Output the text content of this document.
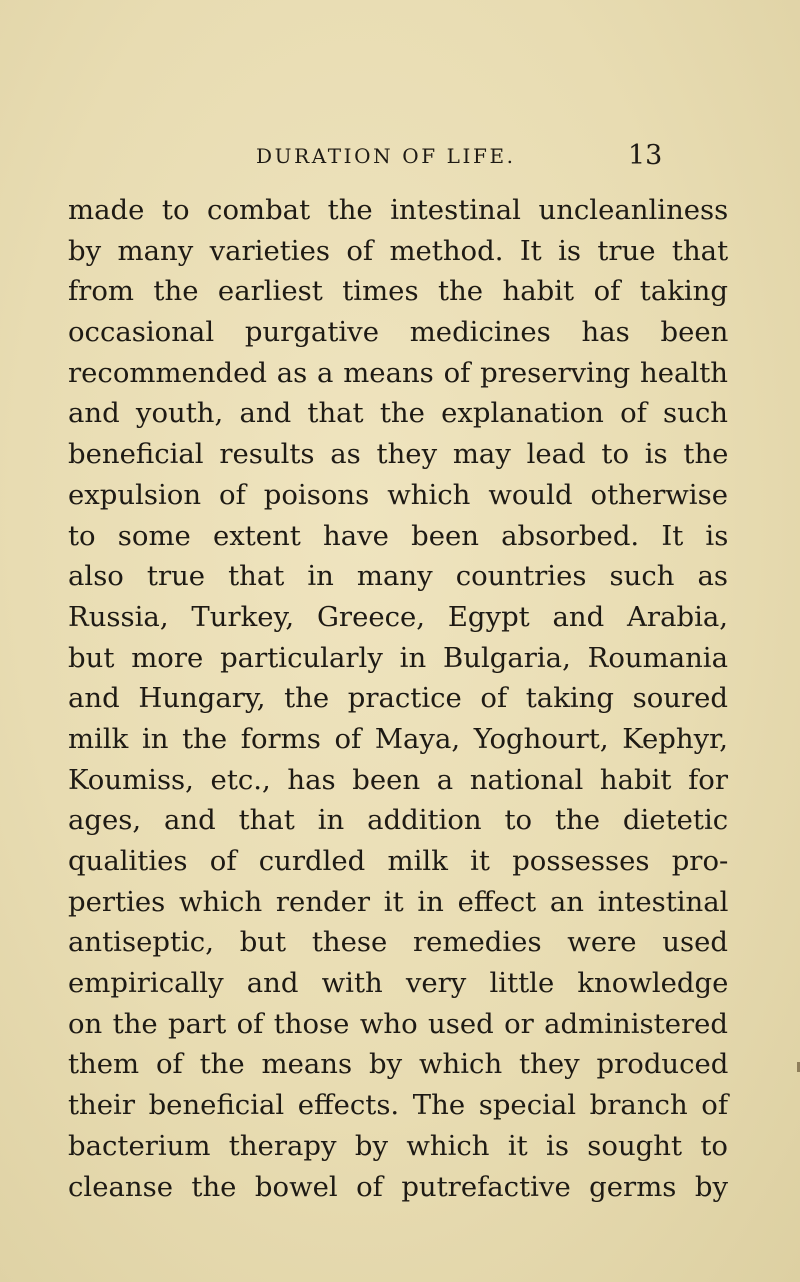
DURATION OF LIFE.	13
made to combat the intestinal uncleanliness
by many varieties of method. It is true that
from the earliest times the habit of taking
occasional purgative medicines has been
recommended as a means of preserving health
and youth, and that the explanation of such
beneficial results as they may lead to is the
expulsion of poisons which would otherwise
to some extent have been absorbed. It is
also true that in many countries such as
Russia, Turkey, Greece, Egypt and Arabia,
but more particularly in Bulgaria, Roumania
and Hungary, the practice of taking soured
milk in the forms of Maya, Yoghourt, Kephyr,
Koumiss, etc., has been a national habit for
ages, and that in addition to the dietetic
qualities of curdled milk it possesses pro-
perties which render it in effect an intestinal
antiseptic, but these remedies were used
empirically and with very little knowledge
on the part of those who used or administered
them of the means by which they produced
their beneficial effects. The special branch of
bacterium therapy by which it is sought to
cleanse the bowel of putrefactive germs by
